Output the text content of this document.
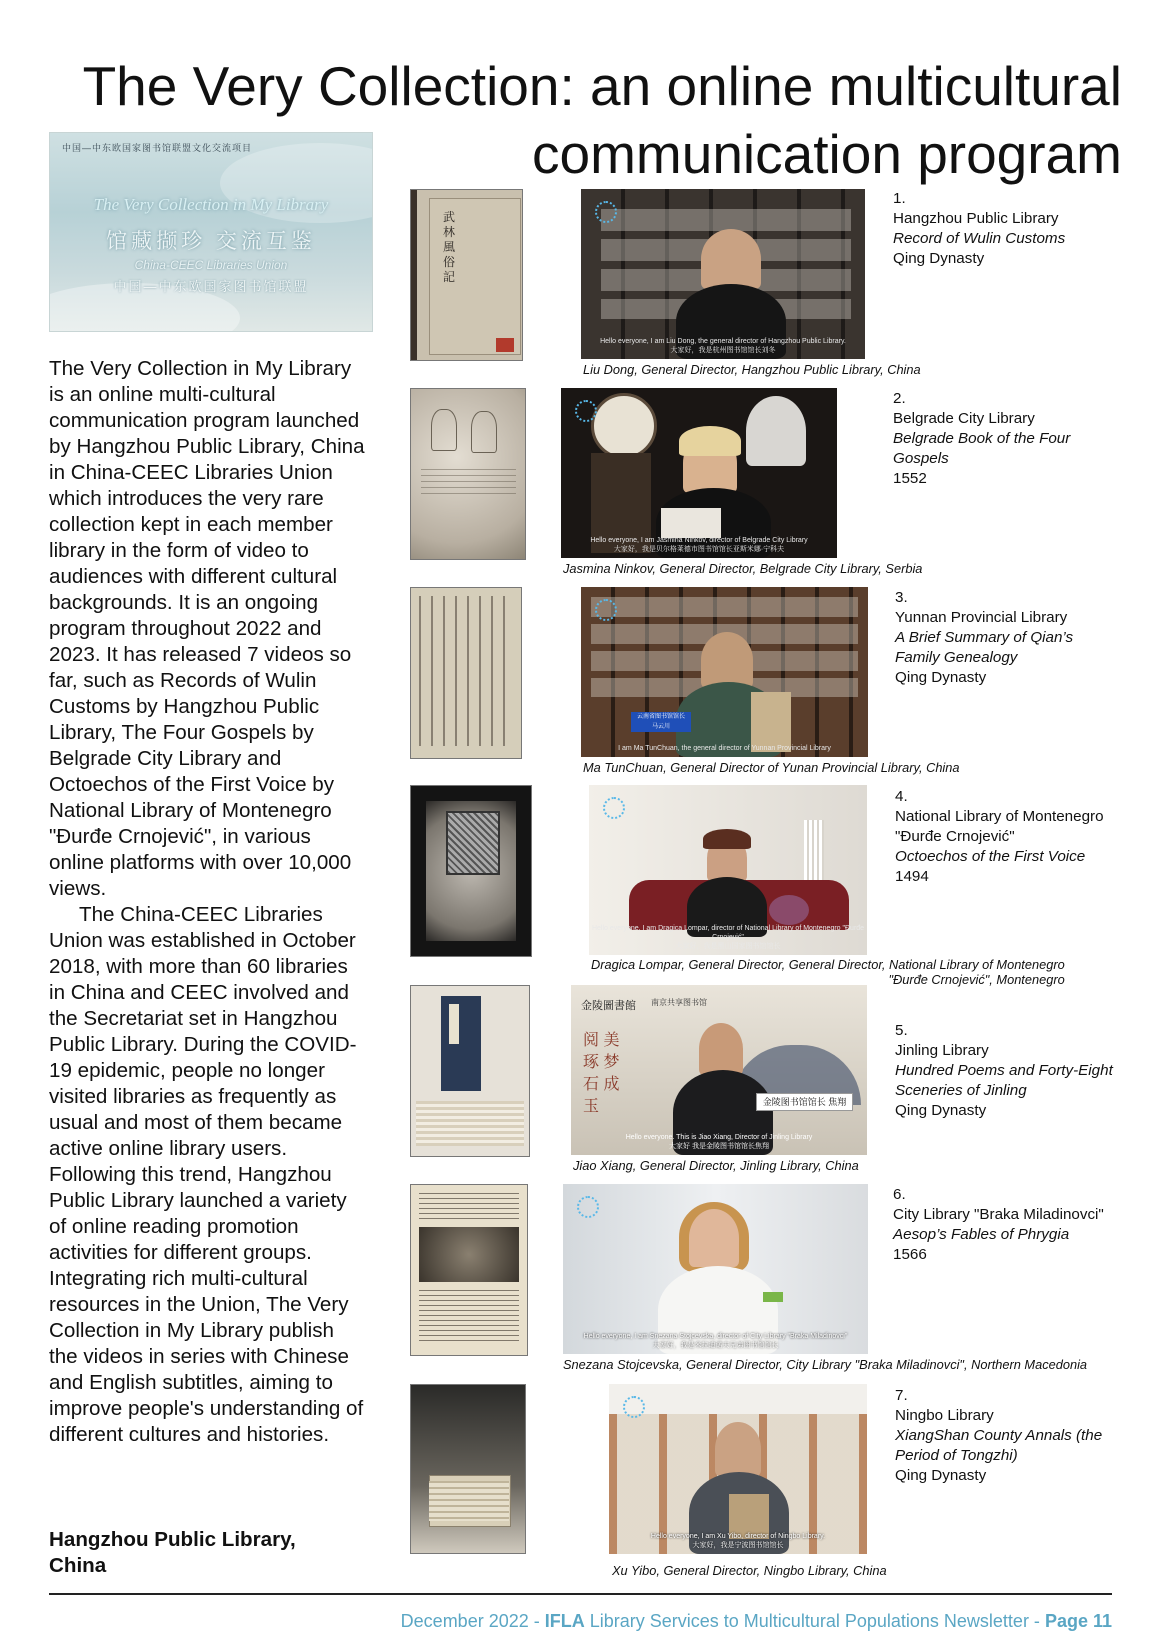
The Very Collection: an online multicultural
communication program
中国—中东欧国家图书馆联盟文化交流项目
The Very Collection in My Library
馆藏撷珍 交流互鉴
China-CEEC Libraries Union
中国—中东欧国家图书馆联盟

The Very Collection in My Library is an online multi-cultural communication program launched by Hangzhou Public Library, China in China-CEEC Libraries Union which introduces the very rare collection kept in each member library in the form of video to audiences with different cultural backgrounds. It is an ongoing program throughout 2022 and 2023. It has released 7 videos so far, such as Records of Wulin Customs by Hangzhou Public Library, The Four Gospels by Belgrade City Library and Octoechos of the First Voice by National Library of Montenegro "Đurđe Crnojević", in various online platforms with over 10,000 views.

The China-CEEC Libraries Union was established in October 2018, with more than 60 libraries in China and CEEC involved and the Secretariat set in Hangzhou Public Library. During the COVID-19 epidemic, people no longer visited libraries as frequently as usual and most of them became active online library users. Following this trend, Hangzhou Public Library launched a variety of online reading promotion activities for different groups. Integrating rich multi-cultural resources in the Union, The Very Collection in My Library publish the videos in series with Chinese and English subtitles, aiming to improve people's understanding of different cultures and histories.

Hangzhou Public Library,
China
武林風俗記
Hello everyone, I am Liu Dong, the general director of Hangzhou Public Library.
大家好，我是杭州图书馆馆长刘冬
1.
Hangzhou Public Library
Record of Wulin Customs
Qing Dynasty
Liu Dong, General Director, Hangzhou Public Library, China
Hello everyone, I am Jasmina Ninkov, director of Belgrade City Library
大家好，我是贝尔格莱德市图书馆馆长亚斯米娜·宁科夫
2.
Belgrade City Library
Belgrade Book of the Four Gospels
1552
Jasmina Ninkov, General Director, Belgrade City Library, Serbia
云南省图书馆馆长
马云川
I am Ma TunChuan, the general director of Yunnan Provincial Library
3.
Yunnan Provincial Library
A Brief Summary of Qian’s Family Genealogy
Qing Dynasty
Ma TunChuan, General Director of Yunan Provincial Library, China
Hello everyone, I am Dragica Lompar, director of National Library of Montenegro "Đurđe Crnojević"
大家好，我是黑山国家图书馆馆长
4.
National Library of Montenegro "Đurđe Crnojević"
Octoechos of the First Voice
1494
Dragica Lompar, General Director, General Director, National Library of Montenegro
"Đurđe Crnojević", Montenegro
金陵圖書館	南京共享图书馆
阅 美
琢 梦
石 成
玉	金陵图书馆馆长 焦翔
Hello everyone. This is Jiao Xiang, Director of Jinling Library
大家好 我是金陵图书馆馆长焦翔
5.
Jinling Library
Hundred Poems and Forty-Eight Sceneries of Jinling
Qing Dynasty
Jiao Xiang, General Director, Jinling Library, China
Hello everyone, I am Snezana Stojcevska, director of City Library "Braka Miladinovci"
大家好，我是米拉迪诺夫兄弟图书馆馆长
6.
City Library "Braka Miladinovci"
Aesop’s Fables of Phrygia
1566
Snezana Stojcevska, General Director, City Library "Braka Miladinovci", Northern Macedonia
Hello everyone, I am Xu Yibo, director of Ningbo Library.
大家好，我是宁波图书馆馆长
7.
Ningbo Library
XiangShan County Annals (the Period of Tongzhi)
Qing Dynasty
Xu Yibo, General Director, Ningbo Library, China
December 2022 - IFLA Library Services to Multicultural Populations Newsletter - Page 11
